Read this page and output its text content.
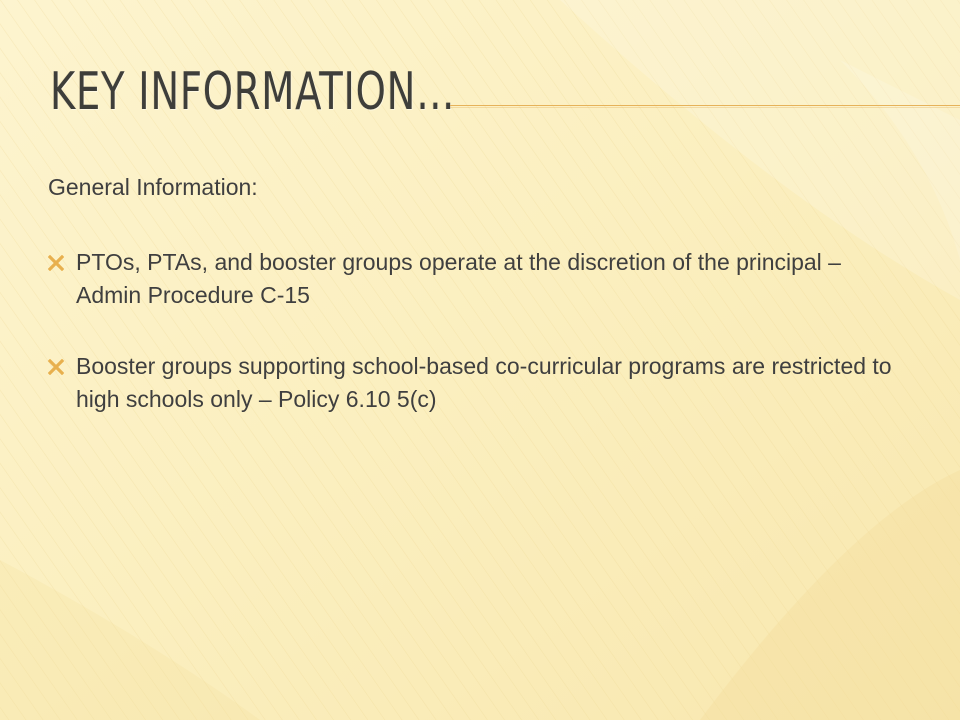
KEY INFORMATION…

General Information:

PTOs, PTAs, and booster groups operate at the discretion of the principal – Admin Procedure C-15
Booster groups supporting school-based co-curricular programs are restricted to high schools only – Policy 6.10 5(c)
